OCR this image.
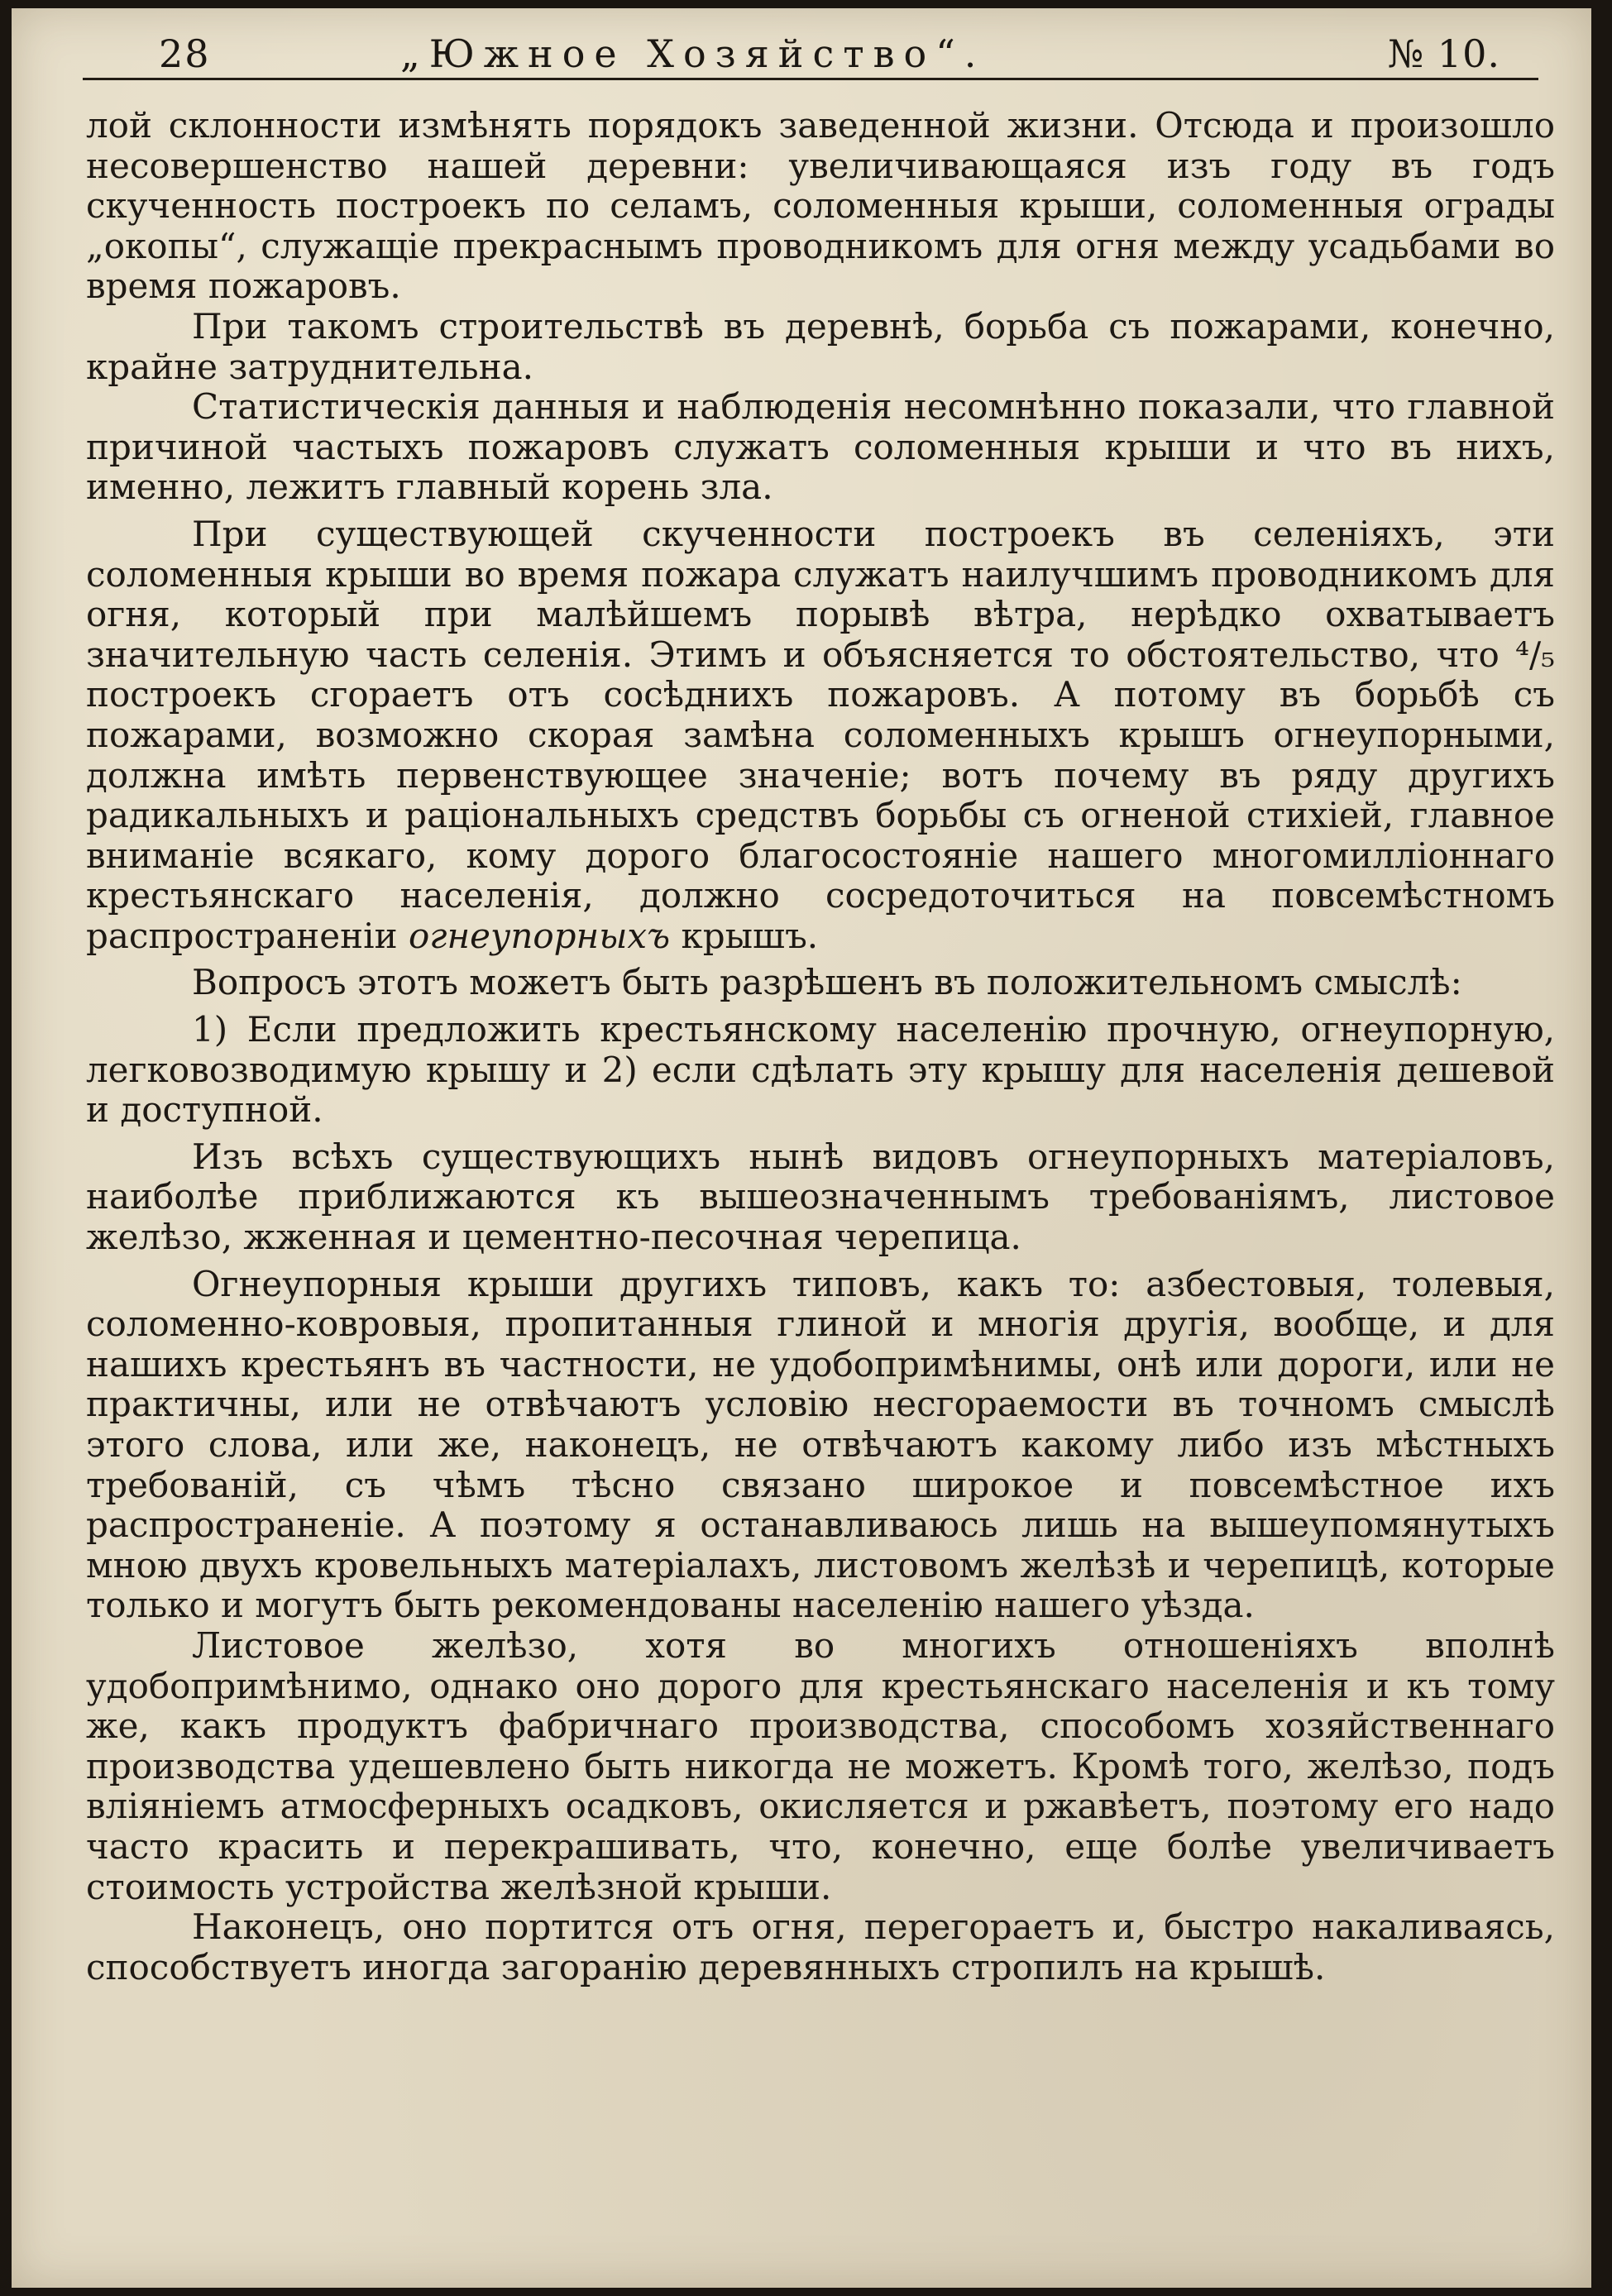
28	„Южное Хозяйство“.	№ 10.

лой склонности измѣнять порядокъ заведенной жизни. Отсюда и произошло несовершенство нашей деревни: увеличивающаяся изъ году въ годъ скученность построекъ по селамъ, соломенныя крыши, соломенныя ограды „окопы“, служащіе прекраснымъ проводникомъ для огня между усадьбами во время пожаровъ.

При такомъ строительствѣ въ деревнѣ, борьба съ пожарами, конечно, крайне затруднительна.

Статистическія данныя и наблюденія несомнѣнно показали, что главной причиной частыхъ пожаровъ служатъ соломенныя крыши и что въ нихъ, именно, лежитъ главный корень зла.

При существующей скученности построекъ въ селеніяхъ, эти соломенныя крыши во время пожара служатъ наилучшимъ проводникомъ для огня, который при малѣйшемъ порывѣ вѣтра, нерѣдко охватываетъ значительную часть селенія. Этимъ и объясняется то обстоятельство, что ⁴/₅ построекъ сгораетъ отъ сосѣднихъ пожаровъ. А потому въ борьбѣ съ пожарами, возможно скорая замѣна соломенныхъ крышъ огнеупорными, должна имѣть первенствующее значеніе; вотъ почему въ ряду другихъ радикальныхъ и раціональныхъ средствъ борьбы съ огненой стихіей, главное вниманіе всякаго, кому дорого благосостояніе нашего многомилліоннаго крестьянскаго населенія, должно сосредоточиться на повсемѣстномъ распространеніи огнеупорныхъ крышъ.

Вопросъ этотъ можетъ быть разрѣшенъ въ положительномъ смыслѣ:

1) Если предложить крестьянскому населенію прочную, огнеупорную, легковозводимую крышу и 2) если сдѣлать эту крышу для населенія дешевой и доступной.

Изъ всѣхъ существующихъ нынѣ видовъ огнеупорныхъ матеріаловъ, наиболѣе приближаются къ вышеозначеннымъ требованіямъ, листовое желѣзо, жженная и цементно-песочная черепица.

Огнеупорныя крыши другихъ типовъ, какъ то: азбестовыя, толевыя, соломенно-ковровыя, пропитанныя глиной и многія другія, вообще, и для нашихъ крестьянъ въ частности, не удобопримѣнимы, онѣ или дороги, или не практичны, или не отвѣчаютъ условію несгораемости въ точномъ смыслѣ этого слова, или же, наконецъ, не отвѣчаютъ какому либо изъ мѣстныхъ требованій, съ чѣмъ тѣсно связано широкое и повсемѣстное ихъ распространеніе. А поэтому я останавливаюсь лишь на вышеупомянутыхъ мною двухъ кровельныхъ матеріалахъ, листовомъ желѣзѣ и черепицѣ, которые только и могутъ быть рекомендованы населенію нашего уѣзда.

Листовое желѣзо, хотя во многихъ отношеніяхъ вполнѣ удобопримѣнимо, однако оно дорого для крестьянскаго населенія и къ тому же, какъ продуктъ фабричнаго производства, способомъ хозяйственнаго производства удешевлено быть никогда не можетъ. Кромѣ того, желѣзо, подъ вліяніемъ атмосферныхъ осадковъ, окисляется и ржавѣетъ, поэтому его надо часто красить и перекрашивать, что, конечно, еще болѣе увеличиваетъ стоимость устройства желѣзной крыши.

Наконецъ, оно портится отъ огня, перегораетъ и, быстро накаливаясь, способствуетъ иногда загоранію деревянныхъ стропилъ на крышѣ.
